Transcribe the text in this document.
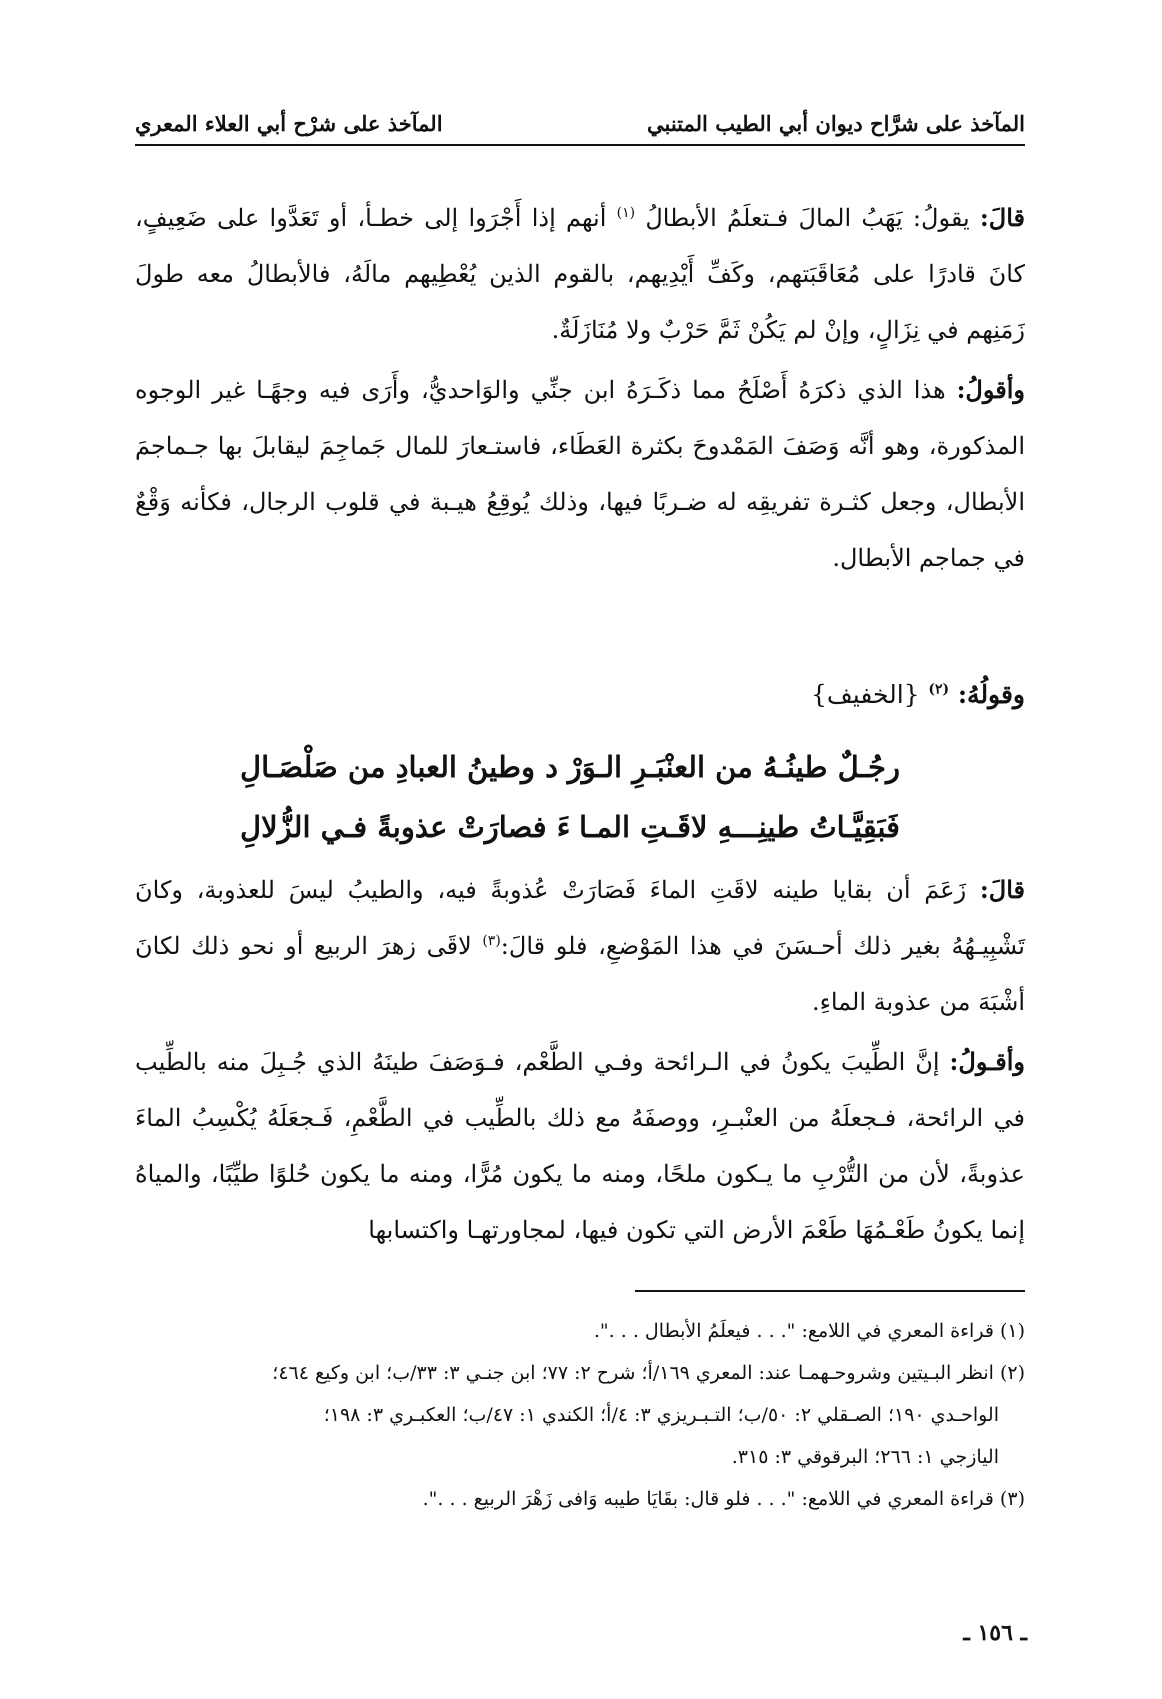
المآخذ على شرَّاح ديوان أبي الطيب المتنبي
المآخذ على شرْح أبي العلاء المعري

قالَ: يقولُ: يَهَبُ المالَ فـتعلَمُ الأبطالُ $^{(١)}$ أنهم إذا أَجْرَوا إلى خطـأ، أو تَعَدَّوا على ضَعِيفٍ، كانَ قادرًا على مُعَاقَبَتهم، وكَفِّ أَيْدِيهم، بالقوم الذين يُعْطِيهم مالَهُ، فالأبطالُ معه طولَ زَمَنِهم في نِزَالٍ، وإنْ لم يَكُنْ ثَمَّ حَرْبٌ ولا مُنَازَلَةٌ.

وأقولُ: هذا الذي ذكرَهُ أَصْلَحُ مما ذكَـرَهُ ابن جنِّي والوَاحديُّ، وأَرَى فيه وجهًـا غير الوجوه المذكورة، وهو أنَّه وَصَفَ المَمْدوحَ بكثرة العَطَاء، فاستـعارَ للمال جَماجِمَ ليقابلَ بها جـماجمَ الأبطال، وجعل كثـرة تفريقِه له ضـربًا فيها، وذلك يُوقِعُ هيـبة في قلوب الرجال، فكأنه وَقْعٌ في جماجم الأبطال.

وقولُهُ: $^{(٢)}$ {الخفيف}
رجُـلٌ طينُـهُ من العنْبَـرِ الـوَرْ
د وطينُ العبادِ من صَلْصَـالِ
فَبَقِيَّـاتُ طينِـــهِ لاقَـتِ المـا
ءَ فصارَتْ عذوبةً فـي الزُّلالِ

قالَ: زَعَمَ أن بقايا طينه لاقَتِ الماءَ فَصَارَتْ عُذوبةً فيه، والطيبُ ليسَ للعذوبة، وكانَ تَشْبِيـهُهُ بغير ذلك أحـسَنَ في هذا المَوْضعِ، فلو قالَ:$^{(٣)}$ لاقَى زهرَ الربيع أو نحو ذلك لكانَ أشْبَهَ من عذوبة الماءِ.

وأقـولُ: إنَّ الطِّيبَ يكونُ في الـرائحة وفـي الطَّعْم، فـوَصَفَ طينَهُ الذي جُـبِلَ منه بالطِّيب في الرائحة، فـجعلَهُ من العنْبـرِ، ووصفَهُ مع ذلك بالطِّيب في الطَّعْمِ، فَـجعَلَهُ يُكْسِبُ الماءَ عذوبةً، لأن من التُّرْبِ ما يـكون ملحًا، ومنه ما يكون مُرًّا، ومنه ما يكون حُلوًا طيِّبًا، والمياهُ إنما يكونُ طَعْـمُهَا طَعْمَ الأرض التي تكون فيها، لمجاورتهـا واكتسابها

(١) قراءة المعري في اللامع: ". . . فيعلَمُ الأبطال . . .".

(٢) انظر البـيتين وشروحـهمـا عند: المعري ١٦٩/أ؛ شرح ٢: ٧٧؛ ابن جنـي ٣: ٣٣/ب؛ ابن وكيع ٤٦٤؛

الواحـدي ١٩٠؛ الصـقلي ٢: ٥٠/ب؛ التـبـريزي ٣: ٤/أ؛ الكندي ١: ٤٧/ب؛ العكبـري ٣: ١٩٨؛

اليازجي ١: ٢٦٦؛ البرقوقي ٣: ٣١٥.

(٣) قراءة المعري في اللامع: ". . . فلو قال: بقَايَا طيبه وَافى زَهْرَ الربيع . . .".

ـ ١٥٦ ـ
